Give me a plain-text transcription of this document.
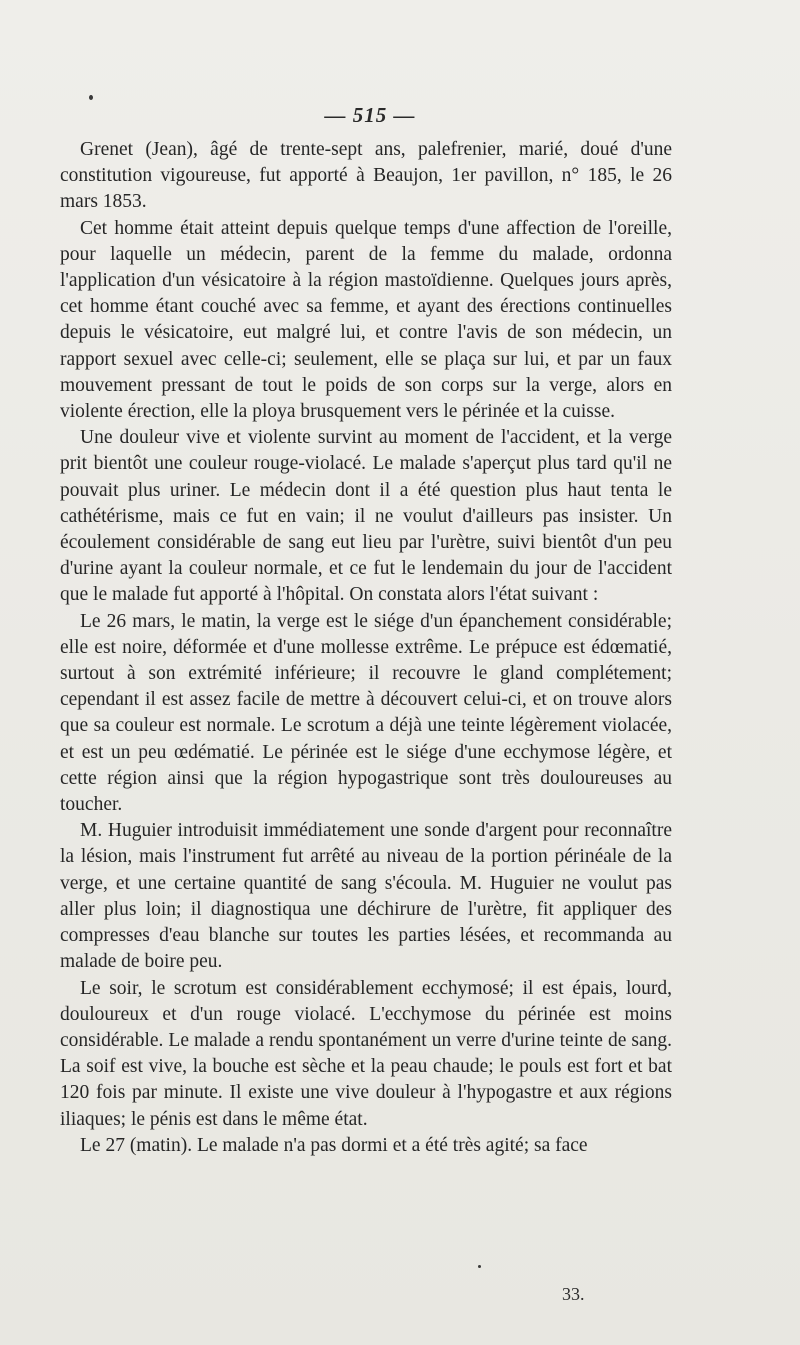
— 515 —

Grenet (Jean), âgé de trente-sept ans, palefrenier, marié, doué d'une constitution vigoureuse, fut apporté à Beaujon, 1er pavillon, n° 185, le 26 mars 1853.

Cet homme était atteint depuis quelque temps d'une affection de l'oreille, pour laquelle un médecin, parent de la femme du malade, ordonna l'application d'un vésicatoire à la région mastoïdienne. Quelques jours après, cet homme étant couché avec sa femme, et ayant des érections continuelles depuis le vésicatoire, eut malgré lui, et contre l'avis de son médecin, un rapport sexuel avec celle-ci; seulement, elle se plaça sur lui, et par un faux mouvement pressant de tout le poids de son corps sur la verge, alors en violente érection, elle la ploya brusquement vers le périnée et la cuisse.

Une douleur vive et violente survint au moment de l'accident, et la verge prit bientôt une couleur rouge-violacé. Le malade s'aperçut plus tard qu'il ne pouvait plus uriner. Le médecin dont il a été question plus haut tenta le cathétérisme, mais ce fut en vain; il ne voulut d'ailleurs pas insister. Un écoulement considérable de sang eut lieu par l'urètre, suivi bientôt d'un peu d'urine ayant la couleur normale, et ce fut le lendemain du jour de l'accident que le malade fut apporté à l'hôpital. On constata alors l'état suivant :

Le 26 mars, le matin, la verge est le siége d'un épanchement considérable; elle est noire, déformée et d'une mollesse extrême. Le prépuce est édœmatié, surtout à son extrémité inférieure; il recouvre le gland complétement; cependant il est assez facile de mettre à découvert celui-ci, et on trouve alors que sa couleur est normale. Le scrotum a déjà une teinte légèrement violacée, et est un peu œdématié. Le périnée est le siége d'une ecchymose légère, et cette région ainsi que la région hypogastrique sont très douloureuses au toucher.

M. Huguier introduisit immédiatement une sonde d'argent pour reconnaître la lésion, mais l'instrument fut arrêté au niveau de la portion périnéale de la verge, et une certaine quantité de sang s'écoula. M. Huguier ne voulut pas aller plus loin; il diagnostiqua une déchirure de l'urètre, fit appliquer des compresses d'eau blanche sur toutes les parties lésées, et recommanda au malade de boire peu.

Le soir, le scrotum est considérablement ecchymosé; il est épais, lourd, douloureux et d'un rouge violacé. L'ecchymose du périnée est moins considérable. Le malade a rendu spontanément un verre d'urine teinte de sang. La soif est vive, la bouche est sèche et la peau chaude; le pouls est fort et bat 120 fois par minute. Il existe une vive douleur à l'hypogastre et aux régions iliaques; le pénis est dans le même état.

Le 27 (matin). Le malade n'a pas dormi et a été très agité; sa face

33.
